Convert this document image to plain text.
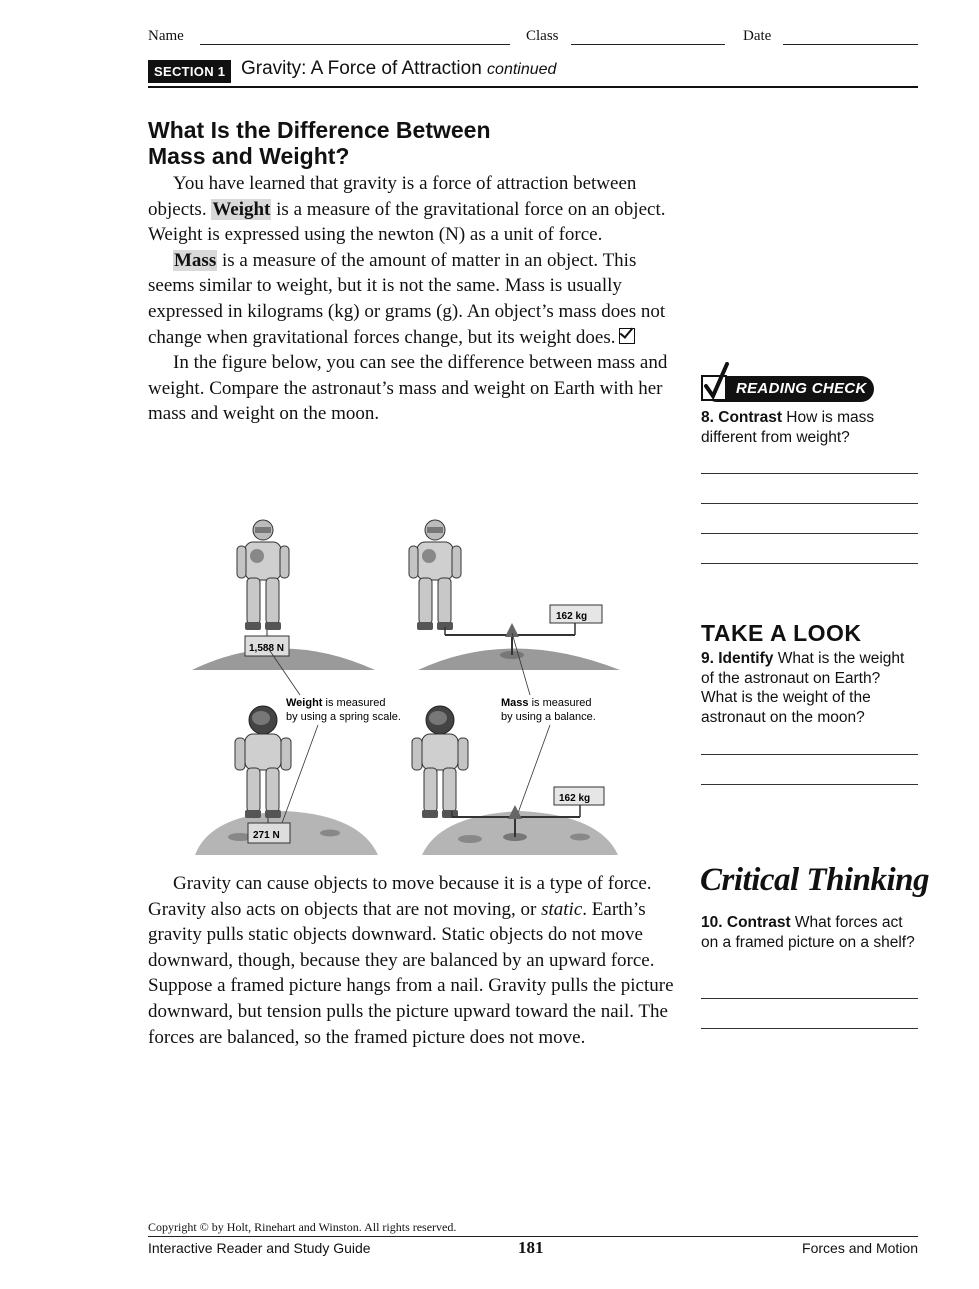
Name	Class	Date
SECTION 1 Gravity: A Force of Attraction continued
What Is the Difference Between
Mass and Weight?

You have learned that gravity is a force of attraction between objects. Weight is a measure of the gravitational force on an object. Weight is expressed using the newton (N) as a unit of force.

Mass is a measure of the amount of matter in an object. This seems similar to weight, but it is not the same. Mass is usually expressed in kilograms (kg) or grams (g). An object’s mass does not change when gravitational forces change, but its weight does.

In the figure below, you can see the difference between mass and weight. Compare the astronaut’s mass and weight on Earth with her mass and weight on the moon.

1,588 N
162 kg
Weight is measured
by using a spring scale.
Mass is measured
by using a balance.
271 N
162 kg

Gravity can cause objects to move because it is a type of force. Gravity also acts on objects that are not moving, or static. Earth’s gravity pulls static objects downward. Static objects do not move downward, though, because they are balanced by an upward force. Suppose a framed picture hangs from a nail. Gravity pulls the picture downward, but tension pulls the picture upward toward the nail. The forces are balanced, so the framed picture does not move.

READING CHECK
8. Contrast How is mass different from weight?
TAKE A LOOK
9. Identify What is the weight of the astronaut on Earth? What is the weight of the astronaut on the moon?
Critical Thinking
10. Contrast What forces act on a framed picture on a shelf?
Copyright © by Holt, Rinehart and Winston. All rights reserved.
Interactive Reader and Study Guide	181	Forces and Motion
